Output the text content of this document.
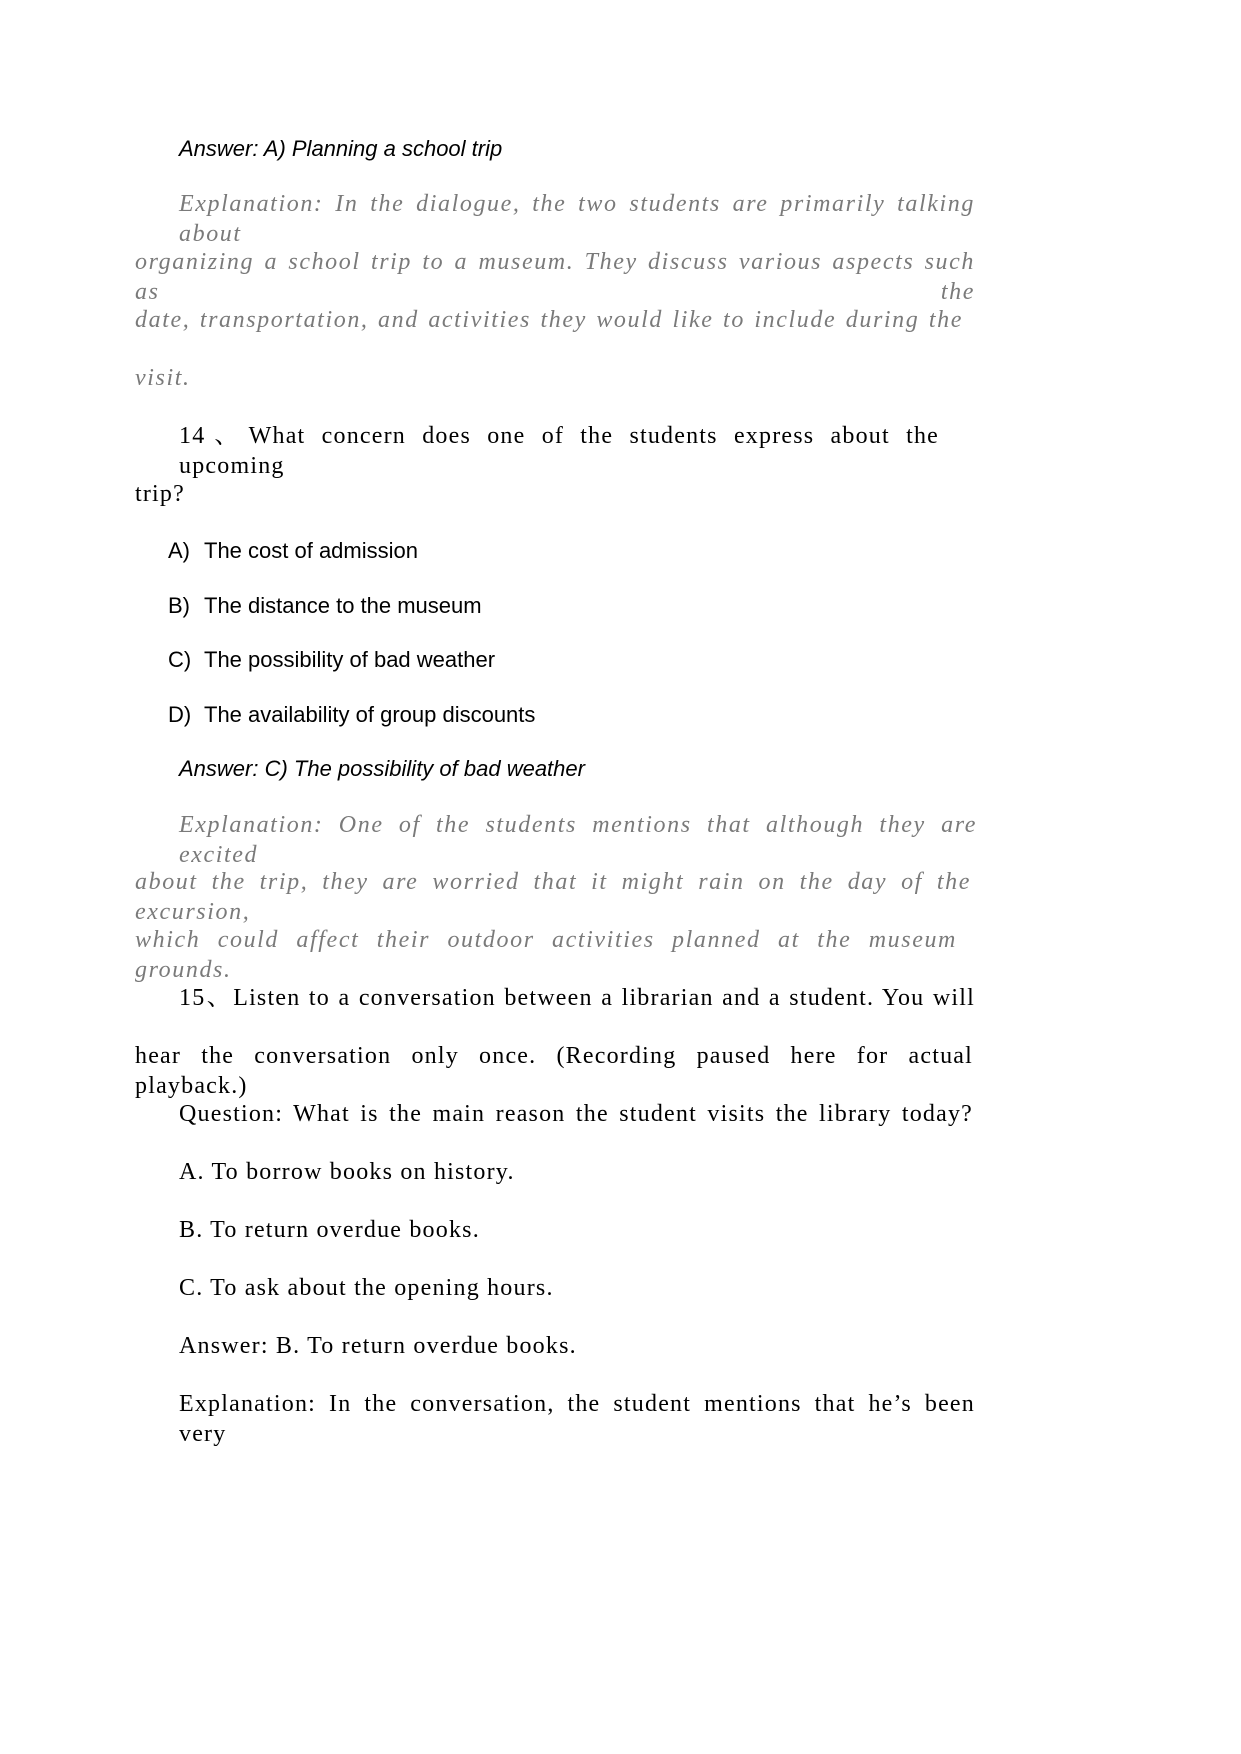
Answer: A) Planning a school trip
Explanation: In the dialogue, the two students are primarily talking about
organizing a school trip to a museum. They discuss various aspects such as the
date, transportation, and activities they would like to include during the
visit.
14、What concern does one of the students express about the upcoming
trip?
A) The cost of admission
B) The distance to the museum
C) The possibility of bad weather
D) The availability of group discounts
Answer: C) The possibility of bad weather
Explanation: One of the students mentions that although they are excited
about the trip, they are worried that it might rain on the day of the excursion,
which could affect their outdoor activities planned at the museum grounds.
15、Listen to a conversation between a librarian and a student. You will
hear the conversation only once. (Recording paused here for actual playback.)
Question: What is the main reason the student visits the library today?
A. To borrow books on history.
B. To return overdue books.
C. To ask about the opening hours.
Answer: B. To return overdue books.
Explanation: In the conversation, the student mentions that he’s been very
